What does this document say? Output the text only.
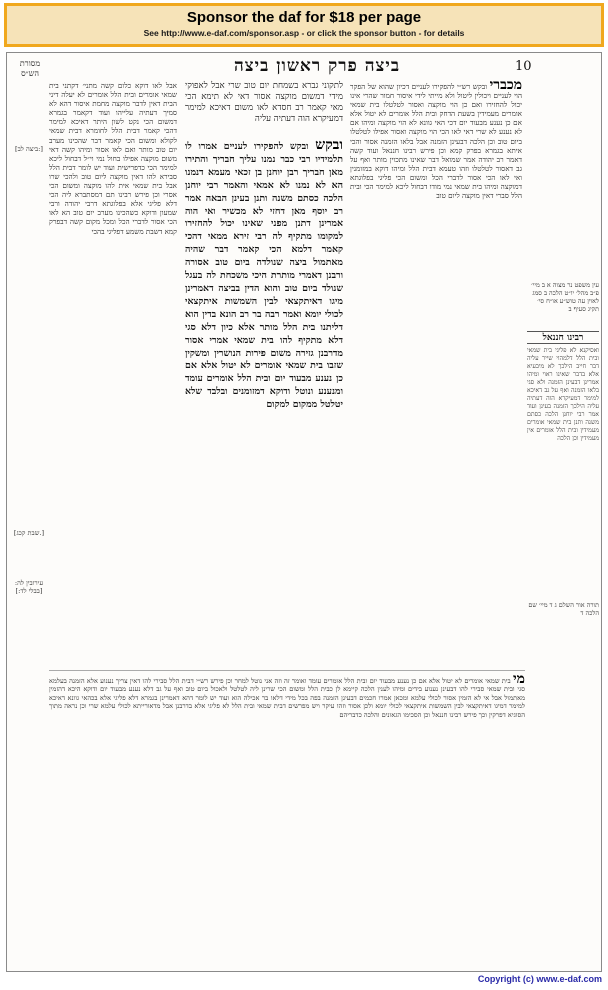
Sponsor the daf for $18 per page
See http://www.e-daf.com/sponsor.asp - or click the sponsor button - for details
10
ביצה פרק ראשון ביצה
מסורת הש״ס

אבל לאו דוקא כלום קשה מתני׳ דקתני בית שמאי אומרים ובית הלל אומרים לא יעלה דיני הבית דאין לדבר מוקצה מחמת איסור דהא לא סמיך דעתיה עלייהו ועוד דקאמר בגמרא דמשום הכי נקט לשון היתר דאיכא למימר דהכי קאמר דבית הלל לחומרא דבית שמאי לקולא ומשום הכי קאמר דבר שהכינו מערב יום טוב מותר ואם לאו אסור ומיהו קשה דאי משום מוקצה אפילו בחול נמי וי״ל דבחול ליכא למימר הכי כדפרישית ועוד יש לומר דבית הלל סבירא להו דאין מוקצה ליום טוב ולהכי שרו אבל בית שמאי אית להו מוקצה ומשום הכי אסרי וכן פירש רבינו תם דמסתברא ליה הכי דלא פליגי אלא בפלוגתא דרבי יהודה ורבי שמעון ודוקא כשהכינו מערב יום טוב הא לאו הכי אסור לדברי הכל ומכל מקום קשה דבפרק קמא דשבת משמע דפליגי בהכי

לתקוני גברא בשמחת יום טוב שרי אבל לאפוקי מידי דמשום מוקצה אסור דאי לא תימא הכי מאי קאמר רב חסדא לאו משום דאיכא למימר דמעיקרא הוה דעתיה עליה

ובקש ובקש להפקירו לעניים אמרו לו תלמידיו רבי כבר נמנו עליך חבריך והתירו מאן חבריך רבן יוחנן בן זכאי מעמא דנמנו הא לא נמנו לא אמאי והאמר רבי יוחנן הלכה כסתם משנה ותנן בעינן הבאה אמר רב יוסף מאן דחזי לא מכשיר ואי הוה אמרינן דתנן מפני שאינו יכול להחזירו למקומו מתקיף לה רבי זירא ממאי דהכי קאמר דלמא הכי קאמר דבר שהיה מאתמול ביצה שנולדה ביום טוב אסורה ורבנן דאמרי מותרת היכי משכחת לה בעגל שנולד ביום טוב והוא הדין בביצה דאמרינן מיגו דאיתקצאי לבין השמשות איתקצאי לכולי יומא ואמר רבה בר רב הונא בדין הוא דליתנו בית הלל מותר אלא כיון דלא סגי דלא מתקיף להו בית שמאי אמרי אסור מדרבנן גזירה משום פירות הנושרין ומשקין שזבו בית שמאי אומרים לא יטול אלא אם כן נענע מבעוד יום ובית הלל אומרים עומד ומנענע ונוטל ודוקא דמזומנים ובלבד שלא יטלטל ממקום למקום

מכברי ובקש רש״י להפקירו לעניים דכיון שהוא של הפקר הוי לעניים ויכולין ליטול ולא מייתי לידי איסור חמור שהרי אינו יכול להחזירו ואם כן הוי מוקצה ואסור לטלטלו בית שמאי אומרים מעמידין בשעת הדחק ובית הלל אומרים לא יטול אלא אם כן נענע מבעוד יום דכי האי גוונא לא הוי מוקצה ומיהו אם לא נענע לא שרי דאי לאו הכי הוי מוקצה ואסור אפילו לטלטלו ביום טוב וכן הלכה דבעינן הזמנה אבל בלאו הזמנה אסור והכי איתא בגמרא בפרק קמא וכן פירש רבינו חננאל ועוד קשה דאמר רב יהודה אמר שמואל דבר שאינו מתכוין מותר ואף על גב דאסור לטלטלו וזהו טעמא דבית הלל ומיהו דוקא במזומנין ואי לאו הכי אסור לדברי הכל ומשום הכי פליגי בפלוגתא דמוקצה ומיהו בית שמאי נמי מודו דבחול ליכא למימר הכי ובית הלל סברי דאין מוקצה ליום טוב

מי בית שמאי אומרים לא יטול אלא אם כן נענע מבעוד יום ובית הלל אומרים עומד ואומר זה וזה אני נוטל למחר וכן פירש רש״י דבית הלל סבירי להו דאין צריך נענוע אלא הזמנה בעלמא סגי ובית שמאי סבירי להו דבעינן נענוע בידים ומיהו לענין הלכה קיימא לן כבית הלל ומשום הכי שרינן ליה לטלטל ולאכול ביום טוב ואף על גב דלא נענע מבעוד יום ודוקא היכא דהזמין מאתמול אבל אי לא הזמין אסור לכולי עלמא ומכאן אמרו חכמים דבעינן הזמנה בפה בכל מידי דלאו בר אכילה הוא ועוד יש לומר דהא דאמרינן בגמרא דלא פליגי אלא בכהאי גוונא דאיכא למימר דמיגו דאיתקצאי לבין השמשות איתקצאי לכולי יומא ולכן אסור וזהו עיקר ויש מפרשים דבית שמאי ובית הלל לא פליגי אלא בדרבנן אבל מדאורייתא לכולי עלמא שרי וכן נראה מתוך הסוגיא דפרקין וכך פירש רבינו חננאל וכן הסכימו הגאונים והלכה כדבריהם
[ביצה לב:]
[שבת קכג.]
עירובין לה: [בבלי לד:]
עין משפט נר מצוה א ב מיי׳ פ״ב מהל׳ יו״ט הלכה ב סמג לאוין עה טוש״ע או״ח סי׳ תקיג סעיף ב
רבינו חננאל
ואסיקנא לא פליגי בית שמאי ובית הלל דלמהוי שייר עליה דבר חייב הילכך לא מיבעיא אלא בדבר שאינו ראוי ומיהו אמרינן דבעינן הזמנה ולא סגי בלאו הזמנה ואף על גב דאיכא למימר דמעיקרא הוה דעתיה עליה הילכך הזמנה בעינן ועוד אמר רבי יוחנן הלכה כסתם משנה ותנן בית שמאי אומרים מעמידין ובית הלל אומרים אין מעמידין וכן הלכה
תורה אור השלם ג ד מיי׳ שם הלכה ד
Copyright (c) www.e-daf.com
